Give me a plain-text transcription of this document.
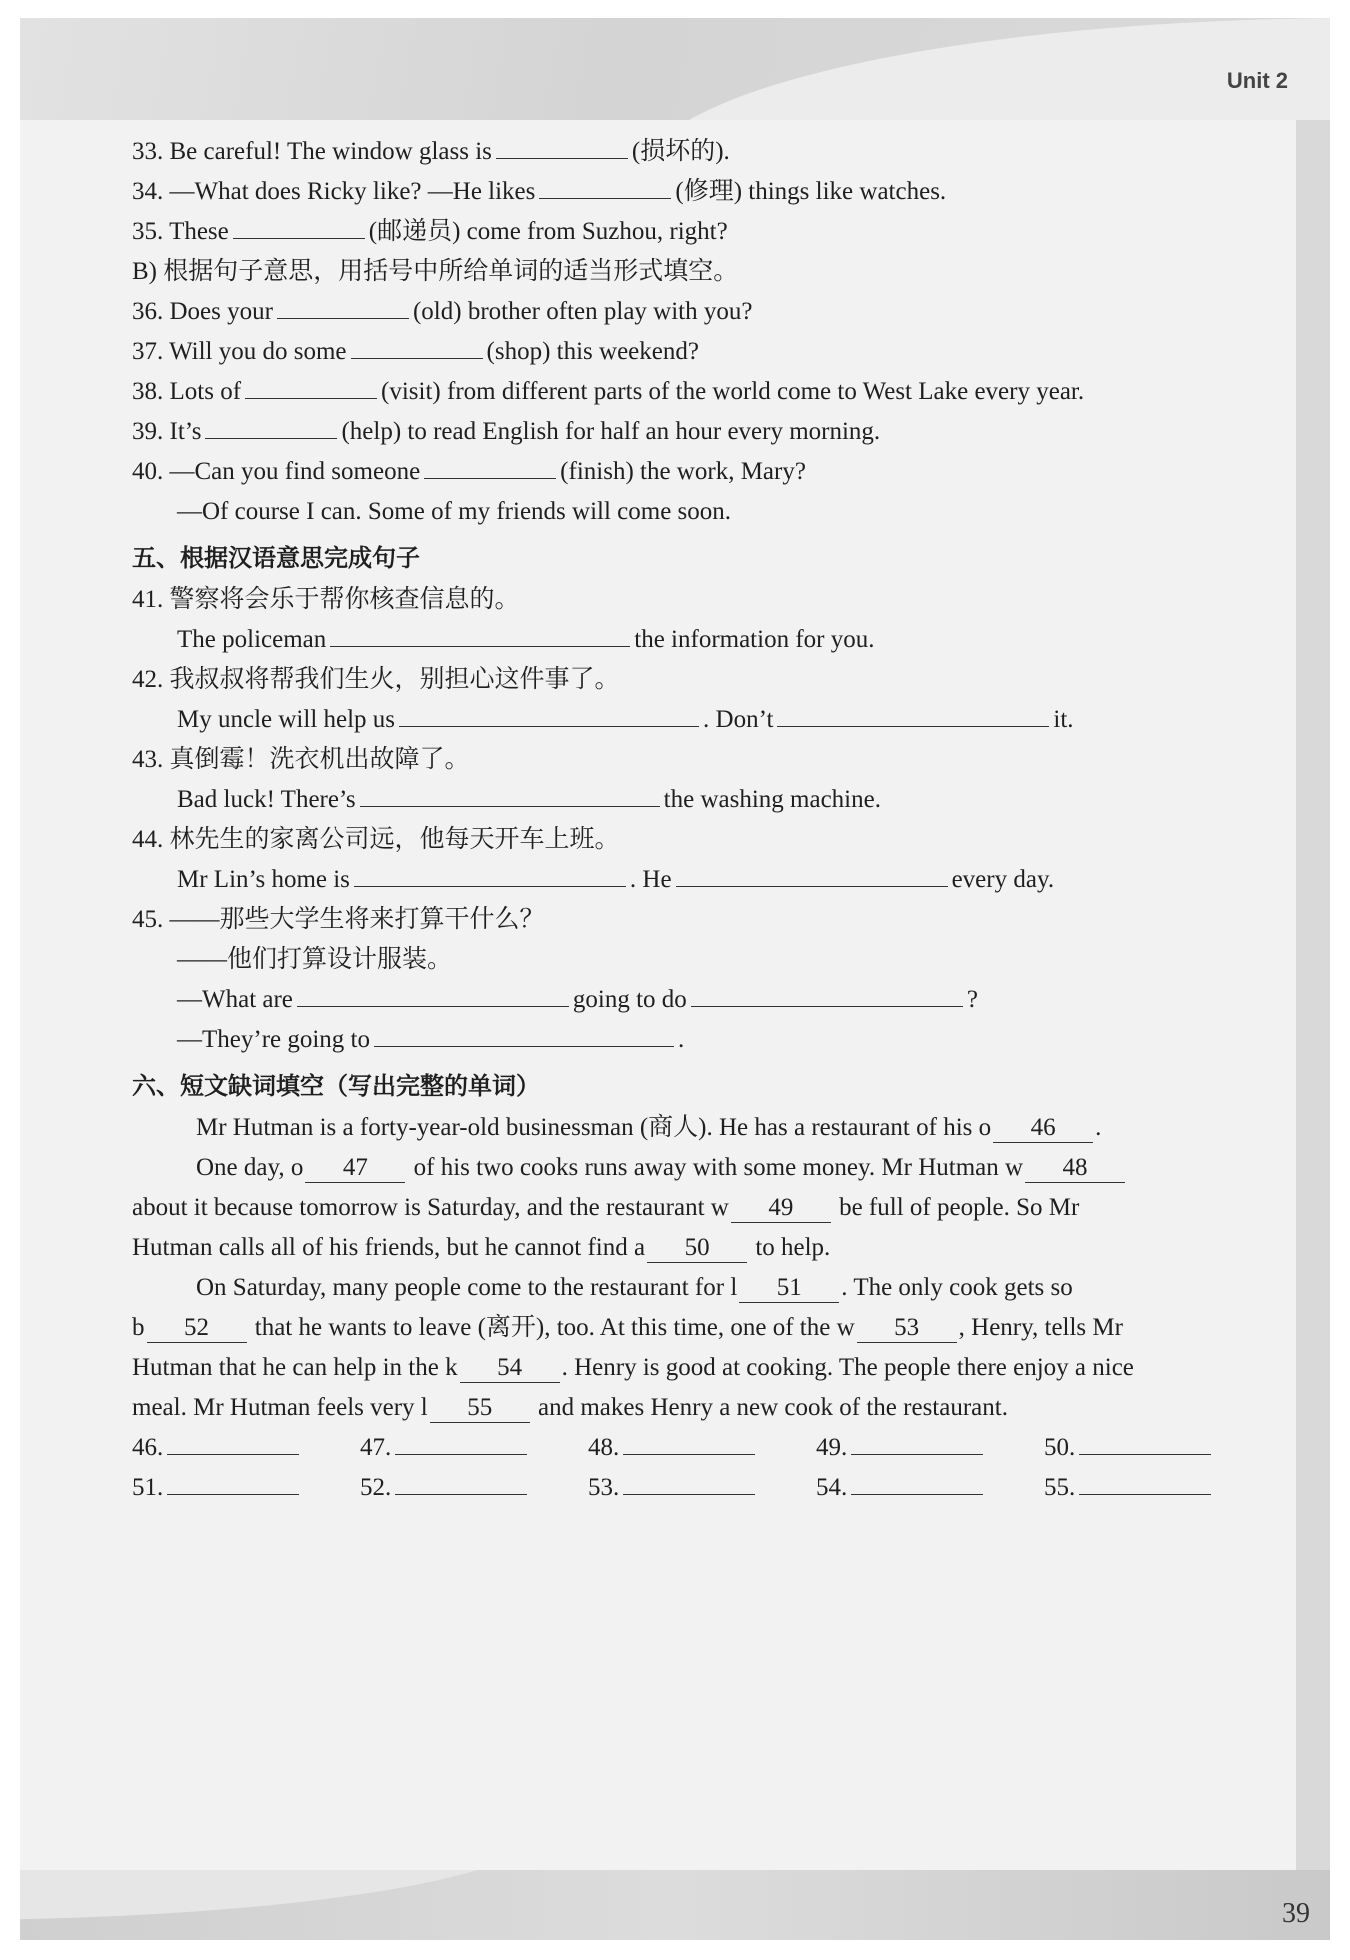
Unit 2
39
33. Be careful! The window glass is	(损坏的).
34. —What does Ricky like? —He likes	(修理) things like watches.
35. These	(邮递员) come from Suzhou, right?
B) 根据句子意思，用括号中所给单词的适当形式填空。
36. Does your	(old) brother often play with you?
37. Will you do some	(shop) this weekend?
38. Lots of	(visit) from different parts of the world come to West Lake every year.
39. It’s	(help) to read English for half an hour every morning.
40. —Can you find someone	(finish) the work, Mary?
—Of course I can. Some of my friends will come soon.
五、根据汉语意思完成句子
41. 警察将会乐于帮你核查信息的。
The policeman	the information for you.
42. 我叔叔将帮我们生火，别担心这件事了。
My uncle will help us	. Don’t	it.
43. 真倒霉！洗衣机出故障了。
Bad luck! There’s	the washing machine.
44. 林先生的家离公司远，他每天开车上班。
Mr Lin’s home is	. He	every day.
45. ——那些大学生将来打算干什么？
——他们打算设计服装。
—What are	going to do	?
—They’re going to	.
六、短文缺词填空（写出完整的单词）
Mr Hutman is a forty-year-old businessman (商人). He has a restaurant of his o 46 .
One day, o 47 of his two cooks runs away with some money. Mr Hutman w 48
about it because tomorrow is Saturday, and the restaurant w 49 be full of people. So Mr
Hutman calls all of his friends, but he cannot find a 50 to help.
On Saturday, many people come to the restaurant for l 51 . The only cook gets so
b 52 that he wants to leave (离开), too. At this time, one of the w 53 , Henry, tells Mr
Hutman that he can help in the k 54 . Henry is good at cooking. The people there enjoy a nice
meal. Mr Hutman feels very l 55 and makes Henry a new cook of the restaurant.
46.	47.	48.	49.	50.
51.	52.	53.	54.	55.
